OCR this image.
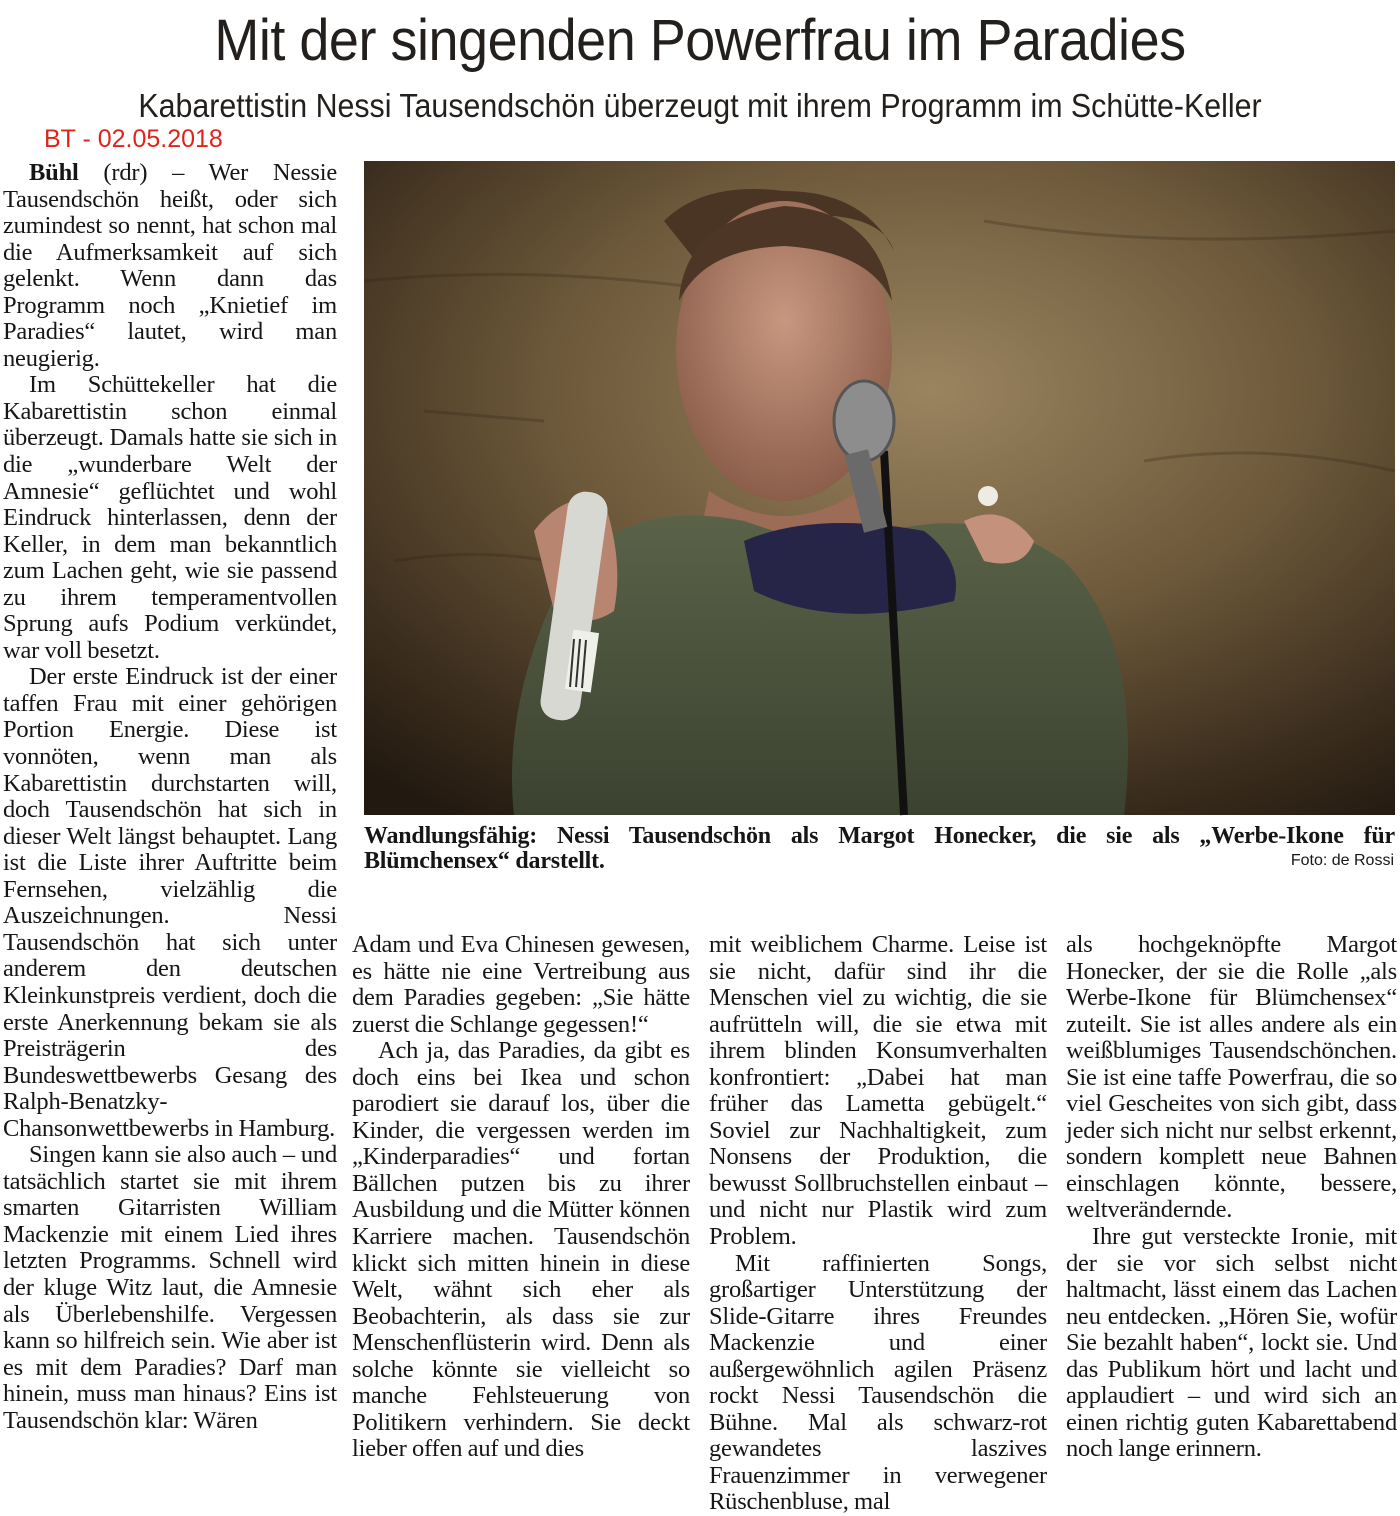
Mit der singenden Powerfrau im Paradies
Kabarettistin Nessi Tausendschön überzeugt mit ihrem Programm im Schütte-Keller
BT - 02.05.2018

Bühl (rdr) – Wer Nessie Tausendschön heißt, oder sich zumindest so nennt, hat schon mal die Aufmerksamkeit auf sich gelenkt. Wenn dann das Programm noch „Knietief im Paradies“ lautet, wird man neugierig.

Im Schüttekeller hat die Kabarettistin schon einmal überzeugt. Damals hatte sie sich in die „wunderbare Welt der Amnesie“ geflüchtet und wohl Eindruck hinterlassen, denn der Keller, in dem man bekanntlich zum Lachen geht, wie sie passend zu ihrem temperamentvollen Sprung aufs Podium verkündet, war voll besetzt.

Der erste Eindruck ist der einer taffen Frau mit einer gehörigen Portion Energie. Diese ist vonnöten, wenn man als Kabarettistin durchstarten will, doch Tausendschön hat sich in dieser Welt längst behauptet. Lang ist die Liste ihrer Auftritte beim Fernsehen, vielzählig die Auszeichnungen. Nessi Tausendschön hat sich unter anderem den deutschen Kleinkunstpreis verdient, doch die erste Anerkennung bekam sie als Preisträgerin des Bundeswettbewerbs Gesang des Ralph-Benatzky-Chansonwettbewerbs in Hamburg.

Singen kann sie also auch – und tatsächlich startet sie mit ihrem smarten Gitarristen William Mackenzie mit einem Lied ihres letzten Programms. Schnell wird der kluge Witz laut, die Amnesie als Überlebenshilfe. Vergessen kann so hilfreich sein. Wie aber ist es mit dem Paradies? Darf man hinein, muss man hinaus? Eins ist Tausendschön klar: Wären

Wandlungsfähig: Nessi Tausendschön als Margot Honecker, die sie als „Werbe-Ikone für Blümchensex“ darstellt.	Foto: de Rossi

Adam und Eva Chinesen gewesen, es hätte nie eine Vertreibung aus dem Paradies gegeben: „Sie hätte zuerst die Schlange gegessen!“

Ach ja, das Paradies, da gibt es doch eins bei Ikea und schon parodiert sie darauf los, über die Kinder, die vergessen werden im „Kinderparadies“ und fortan Bällchen putzen bis zu ihrer Ausbildung und die Mütter können Karriere machen. Tausendschön klickt sich mitten hinein in diese Welt, wähnt sich eher als Beobachterin, als dass sie zur Menschenflüsterin wird. Denn als solche könnte sie vielleicht so manche Fehlsteuerung von Politikern verhindern. Sie deckt lieber offen auf und dies

mit weiblichem Charme. Leise ist sie nicht, dafür sind ihr die Menschen viel zu wichtig, die sie aufrütteln will, die sie etwa mit ihrem blinden Konsumverhalten konfrontiert: „Dabei hat man früher das Lametta gebügelt.“ Soviel zur Nachhaltigkeit, zum Nonsens der Produktion, die bewusst Sollbruchstellen einbaut – und nicht nur Plastik wird zum Problem.

Mit raffinierten Songs, großartiger Unterstützung der Slide-Gitarre ihres Freundes Mackenzie und einer außergewöhnlich agilen Präsenz rockt Nessi Tausendschön die Bühne. Mal als schwarz-rot gewandetes laszives Frauenzimmer in verwegener Rüschenbluse, mal

als hochgeknöpfte Margot Honecker, der sie die Rolle „als Werbe-Ikone für Blümchensex“ zuteilt. Sie ist alles andere als ein weißblumiges Tausendschönchen. Sie ist eine taffe Powerfrau, die so viel Gescheites von sich gibt, dass jeder sich nicht nur selbst erkennt, sondern komplett neue Bahnen einschlagen könnte, bessere, weltverändernde.

Ihre gut versteckte Ironie, mit der sie vor sich selbst nicht haltmacht, lässt einem das Lachen neu entdecken. „Hören Sie, wofür Sie bezahlt haben“, lockt sie. Und das Publikum hört und lacht und applaudiert – und wird sich an einen richtig guten Kabarettabend noch lange erinnern.
